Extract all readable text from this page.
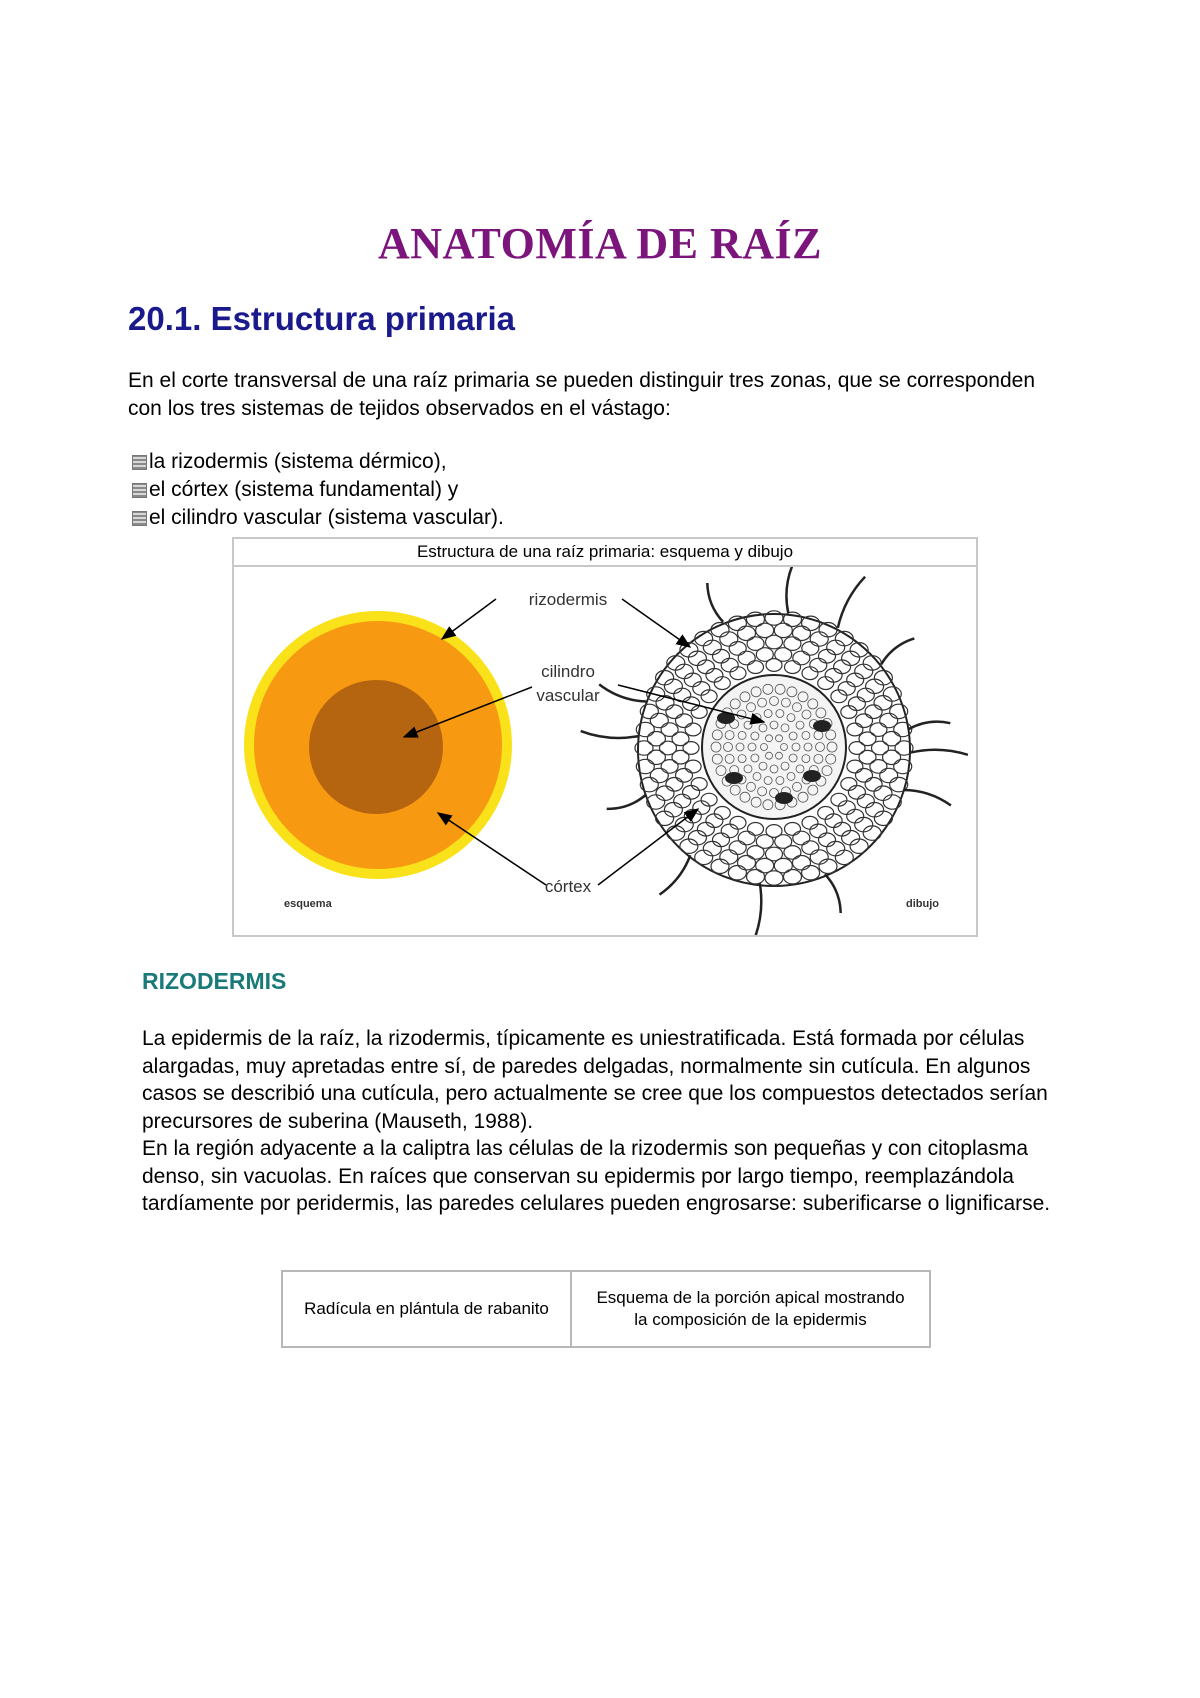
ANATOMÍA DE RAÍZ
20.1. Estructura primaria

En el corte transversal de una raíz primaria se pueden distinguir tres zonas, que se corresponden con los tres sistemas de tejidos observados en el vástago:

la rizodermis (sistema dérmico),
el córtex (sistema fundamental) y
el cilindro vascular (sistema vascular).
Estructura de una raíz primaria: esquema y dibujo
rizodermis
cilindro
vascular
córtex
esquema	dibujo
RIZODERMIS

La epidermis de la raíz, la rizodermis, típicamente es uniestratificada. Está formada por células alargadas, muy apretadas entre sí, de paredes delgadas, normalmente sin cutícula. En algunos casos se describió una cutícula, pero actualmente se cree que los compuestos detectados serían precursores de suberina (Mauseth, 1988).

En la región adyacente a la caliptra las células de la rizodermis son pequeñas y con citoplasma denso, sin vacuolas. En raíces que conservan su epidermis por largo tiempo, reemplazándola tardíamente por peridermis, las paredes celulares pueden engrosarse: suberificarse o lignificarse.

Radícula en plántula de rabanito	Esquema de la porción apical mostrando
la composición de la epidermis
